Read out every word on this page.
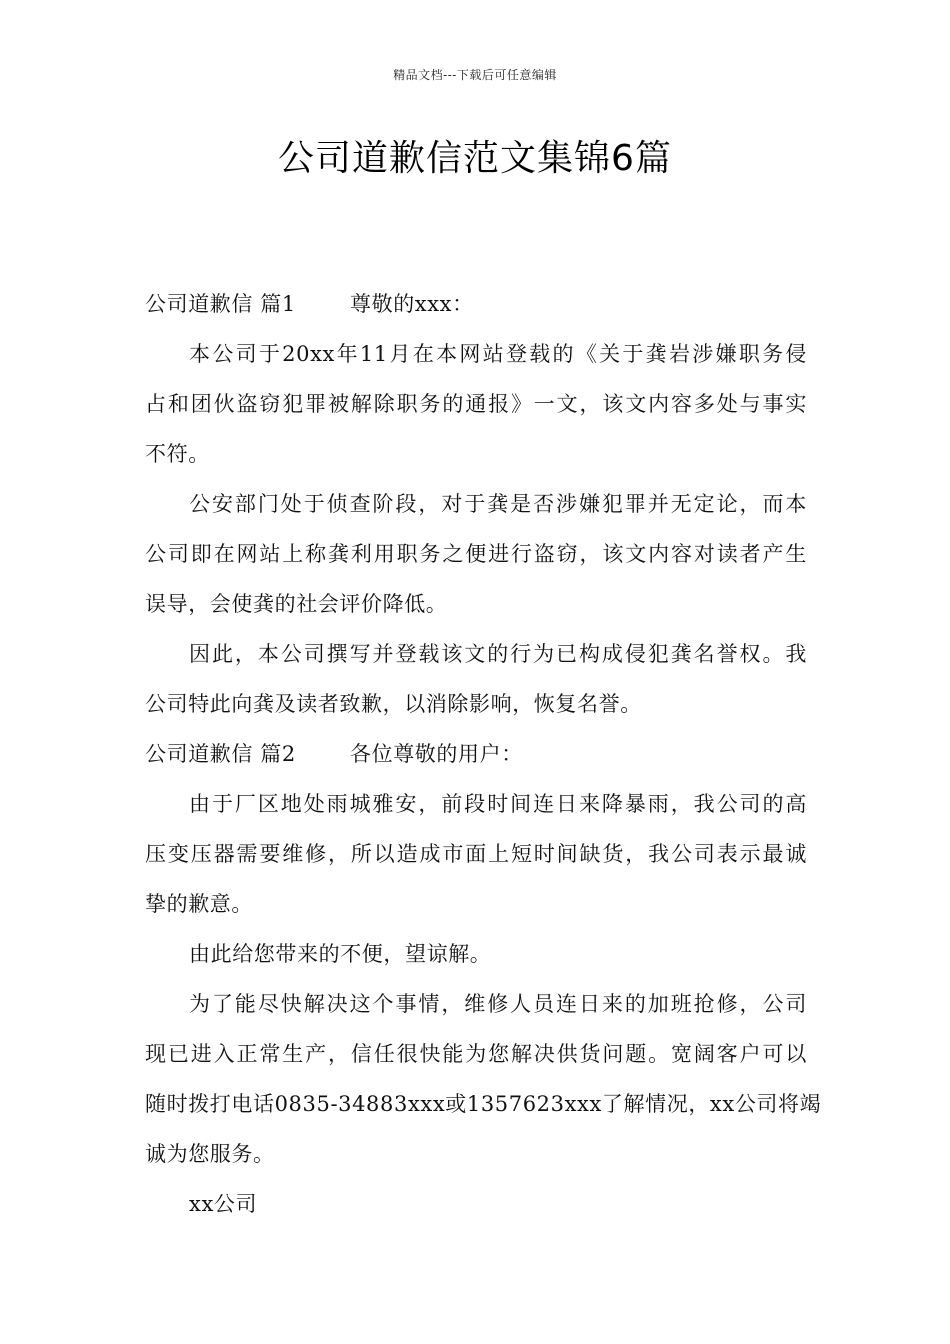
精品文档---下载后可任意编辑
公司道歉信范文集锦6篇
公司道歉信 篇1	尊敬的xxx：

本公司于20xx年11月在本网站登载的《关于龚岩涉嫌职务侵

占和团伙盗窃犯罪被解除职务的通报》一文，该文内容多处与事实

不符。

公安部门处于侦查阶段，对于龚是否涉嫌犯罪并无定论，而本

公司即在网站上称龚利用职务之便进行盗窃，该文内容对读者产生

误导，会使龚的社会评价降低。

因此，本公司撰写并登载该文的行为已构成侵犯龚名誉权。我

公司特此向龚及读者致歉，以消除影响，恢复名誉。

公司道歉信 篇2	各位尊敬的用户：

由于厂区地处雨城雅安，前段时间连日来降暴雨，我公司的高

压变压器需要维修，所以造成市面上短时间缺货，我公司表示最诚

挚的歉意。

由此给您带来的不便，望谅解。

为了能尽快解决这个事情，维修人员连日来的加班抢修，公司

现已进入正常生产，信任很快能为您解决供货问题。宽阔客户可以

随时拨打电话0835-34883xxx或1357623xxx了解情况，xx公司将竭

诚为您服务。

xx公司
